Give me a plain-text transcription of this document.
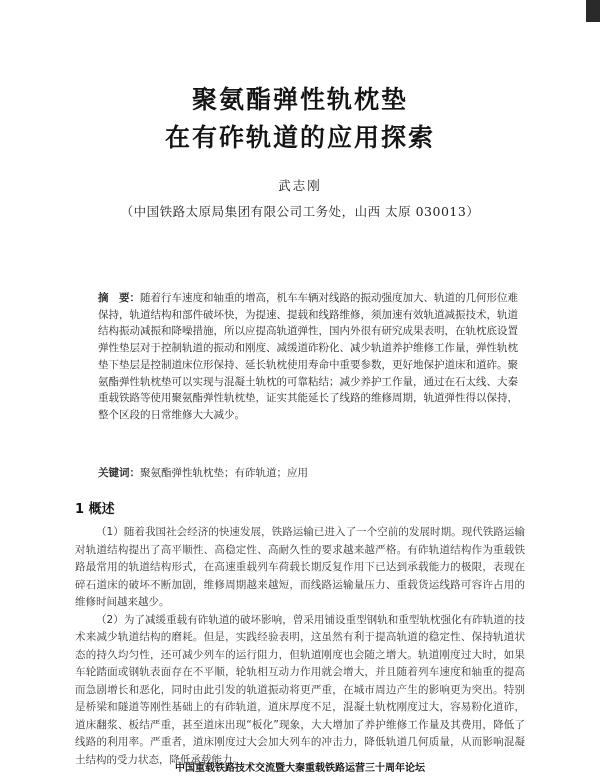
聚氨酯弹性轨枕垫
在有砟轨道的应用探索
武志刚
（中国铁路太原局集团有限公司工务处，山西 太原 030013）
摘　要：随着行车速度和轴重的增高，机车车辆对线路的振动强度加大、轨道的几何形位难保持，轨道结构和部件破坏快，为提速、提载和线路维修，须加速有效轨道减振技术，轨道结构振动减振和降噪措施，所以应提高轨道弹性，国内外很有研究成果表明，在轨枕底设置弹性垫层对于控制轨道的振动和刚度、减缓道砟粉化、减少轨道养护维修工作量，弹性轨枕垫下垫层是控制道床位形保持、延长轨枕使用寿命中重要参数，更好地保护道床和道砟。聚氨酯弹性轨枕垫可以实现与混凝土轨枕的可靠粘结；减少养护工作量，通过在石太线、大秦重载铁路等使用聚氨酯弹性轨枕垫，证实其能延长了线路的维修周期，轨道弹性得以保持，整个区段的日常维修大大减少。
关键词：聚氨酯弹性轨枕垫；有砟轨道；应用
1 概述

（1）随着我国社会经济的快速发展，铁路运输已进入了一个空前的发展时期。现代铁路运输对轨道结构提出了高平顺性、高稳定性、高耐久性的要求越来越严格。有砟轨道结构作为重载铁路最常用的轨道结构形式，在高速重载列车荷载长期反复作用下已达到承载能力的极限，表现在碎石道床的破坏不断加剧，维修周期越来越短，而线路运输量压力、重载货运线路可容许占用的维修时间越来越少。

（2）为了减缓重载有砟轨道的破坏影响，曾采用铺设重型钢轨和重型轨枕强化有砟轨道的技术来减少轨道结构的磨耗。但是，实践经验表明，这虽然有利于提高轨道的稳定性、保持轨道状态的持久均匀性，还可减少列车的运行阻力，但轨道刚度也会随之增大。轨道刚度过大时，如果车轮踏面或钢轨表面存在不平顺，轮轨相互动力作用就会增大，并且随着列车速度和轴重的提高而急剧增长和恶化，同时由此引发的轨道振动将更严重，在城市周边产生的影响更为突出。特别是桥梁和隧道等刚性基础上的有砟轨道，道床厚度不足，混凝土轨枕刚度过大，容易粉化道砟，道床翻浆、板结严重，甚至道床出现“板化”现象，大大增加了养护维修工作量及其费用，降低了线路的利用率。严重者，道床刚度过大会加大列车的冲击力，降低轨道几何质量，从而影响混凝土结构的受力状态，降低承载能力。

中国重载铁路技术交流暨大秦重载铁路运营三十周年论坛
